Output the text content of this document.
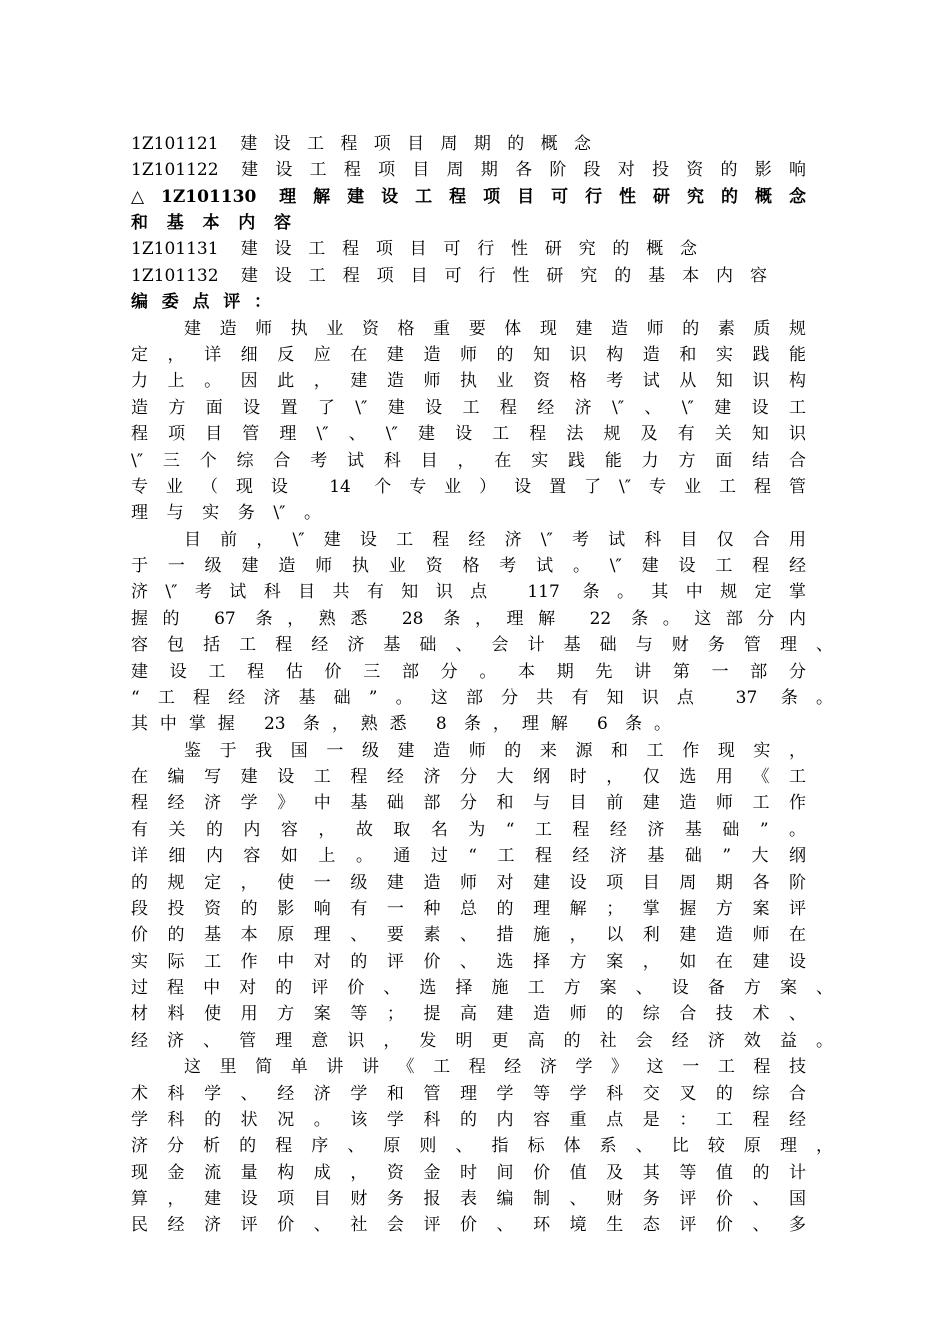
1Z101121 建设工程项目周期的概念
1Z101122 建设工程项目周期各阶段对投资的影响
△1Z101130 理解建设工程项目可行性研究的概念
和基本内容
1Z101131 建设工程项目可行性研究的概念
1Z101132 建设工程项目可行性研究的基本内容
编委点评：
建造师执业资格重要体现建造师的素质规
定，详细反应在建造师的知识构造和实践能
力上。因此，建造师执业资格考试从知识构
造方面设置了\″建设工程经济\″、\″建设工
程项目管理\″、\″建设工程法规及有关知识
\″三个综合考试科目，在实践能力方面结合
专业（现设 14 个专业）设置了\″专业工程管
理与实务\″。
目前，\″建设工程经济\″考试科目仅合用
于一级建造师执业资格考试。\″建设工程经
济\″考试科目共有知识点 117 条。其中规定掌
握的 67 条，熟悉 28 条，理解 22 条。这部分内
容包括工程经济基础、会计基础与财务管理、
建设工程估价三部分。本期先讲第一部分
“工程经济基础”。这部分共有知识点 37 条。
其中掌握 23 条，熟悉 8 条，理解 6 条。
鉴于我国一级建造师的来源和工作现实，
在编写建设工程经济分大纲时，仅选用《工
程经济学》中基础部分和与目前建造师工作
有关的内容，故取名为“工程经济基础”。
详细内容如上。通过“工程经济基础”大纲
的规定，使一级建造师对建设项目周期各阶
段投资的影响有一种总的理解；掌握方案评
价的基本原理、要素、措施，以利建造师在
实际工作中对的评价、选择方案，如在建设
过程中对的评价、选择施工方案、设备方案、
材料使用方案等；提高建造师的综合技术、
经济、管理意识，发明更高的社会经济效益。
这里简单讲讲《工程经济学》这一工程技
术科学、经济学和管理学等学科交叉的综合
学科的状况。该学科的内容重点是：工程经
济分析的程序、原则、指标体系、比较原理，
现金流量构成，资金时间价值及其等值的计
算，建设项目财务报表编制、财务评价、国
民经济评价、社会评价、环境生态评价、多
